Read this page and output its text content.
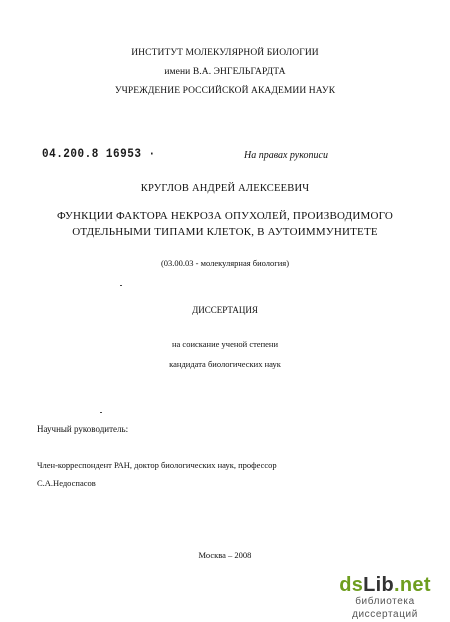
ИНСТИТУТ МОЛЕКУЛЯРНОЙ БИОЛОГИИ
имени В.А. ЭНГЕЛЬГАРДТА
УЧРЕЖДЕНИЕ РОССИЙСКОЙ АКАДЕМИИ НАУК
04.200.8 16953 ·	На правах рукописи
КРУГЛОВ АНДРЕЙ АЛЕКСЕЕВИЧ
ФУНКЦИИ ФАКТОРА НЕКРОЗА ОПУХОЛЕЙ, ПРОИЗВОДИМОГО
ОТДЕЛЬНЫМИ ТИПАМИ КЛЕТОК, В АУТОИММУНИТЕТЕ
(03.00.03 - молекулярная биология)
ДИССЕРТАЦИЯ
на соискание ученой степени
кандидата биологических наук
Научный руководитель:
Член-корреспондент РАН, доктор биологических наук, профессор
С.А.Недоспасов
Москва – 2008
dsLib.net
библиотека диссертаций
